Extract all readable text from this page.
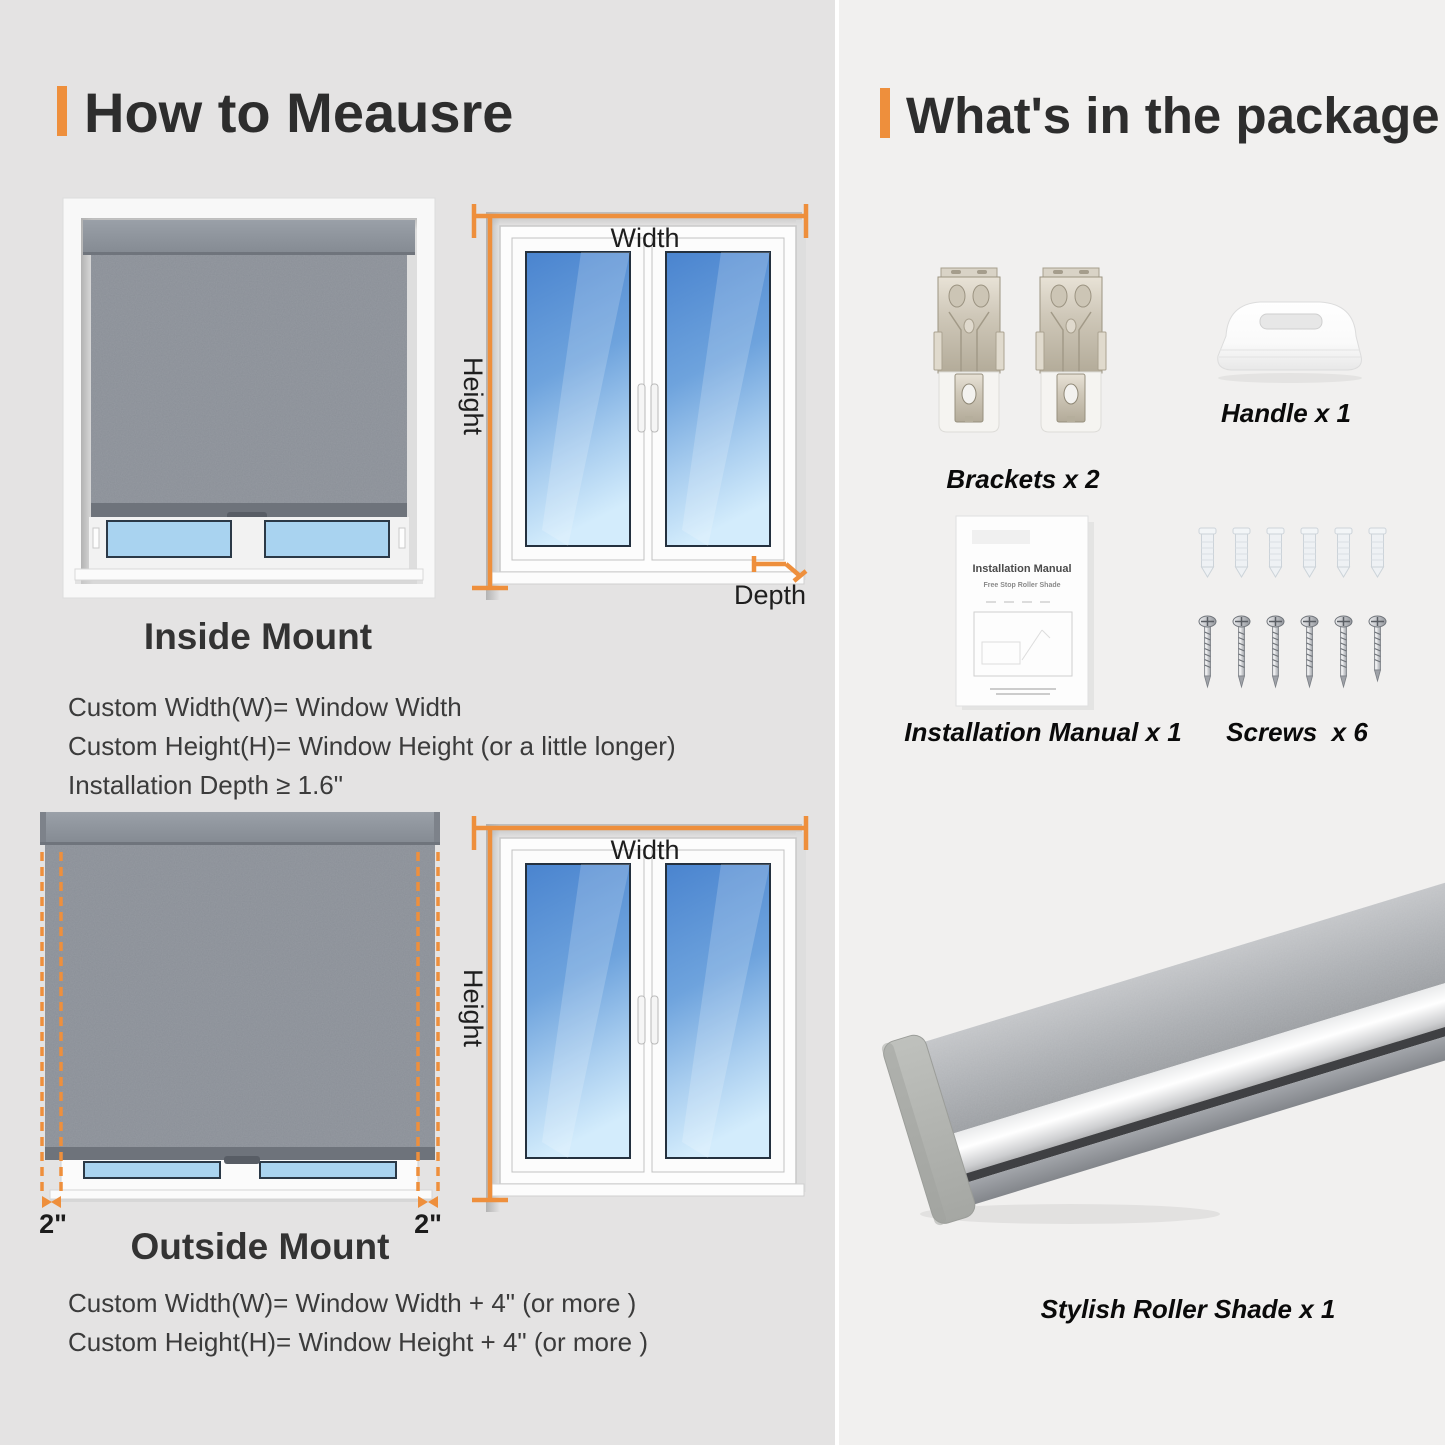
How to Meausre
Width
Height
Depth
Inside Mount
Custom Width(W)= Window Width
Custom Height(H)= Window Height (or a little longer)
Installation Depth ≥ 1.6"
2"	2"
Width
Height
Outside Mount
Custom Width(W)= Window Width + 4" (or more )
Custom Height(H)= Window Height + 4" (or more )
What's in the package
Brackets x 2
Handle x 1
Installation Manual
Free Stop Roller Shade
Installation Manual x 1	Screws  x 6
Stylish Roller Shade x 1
